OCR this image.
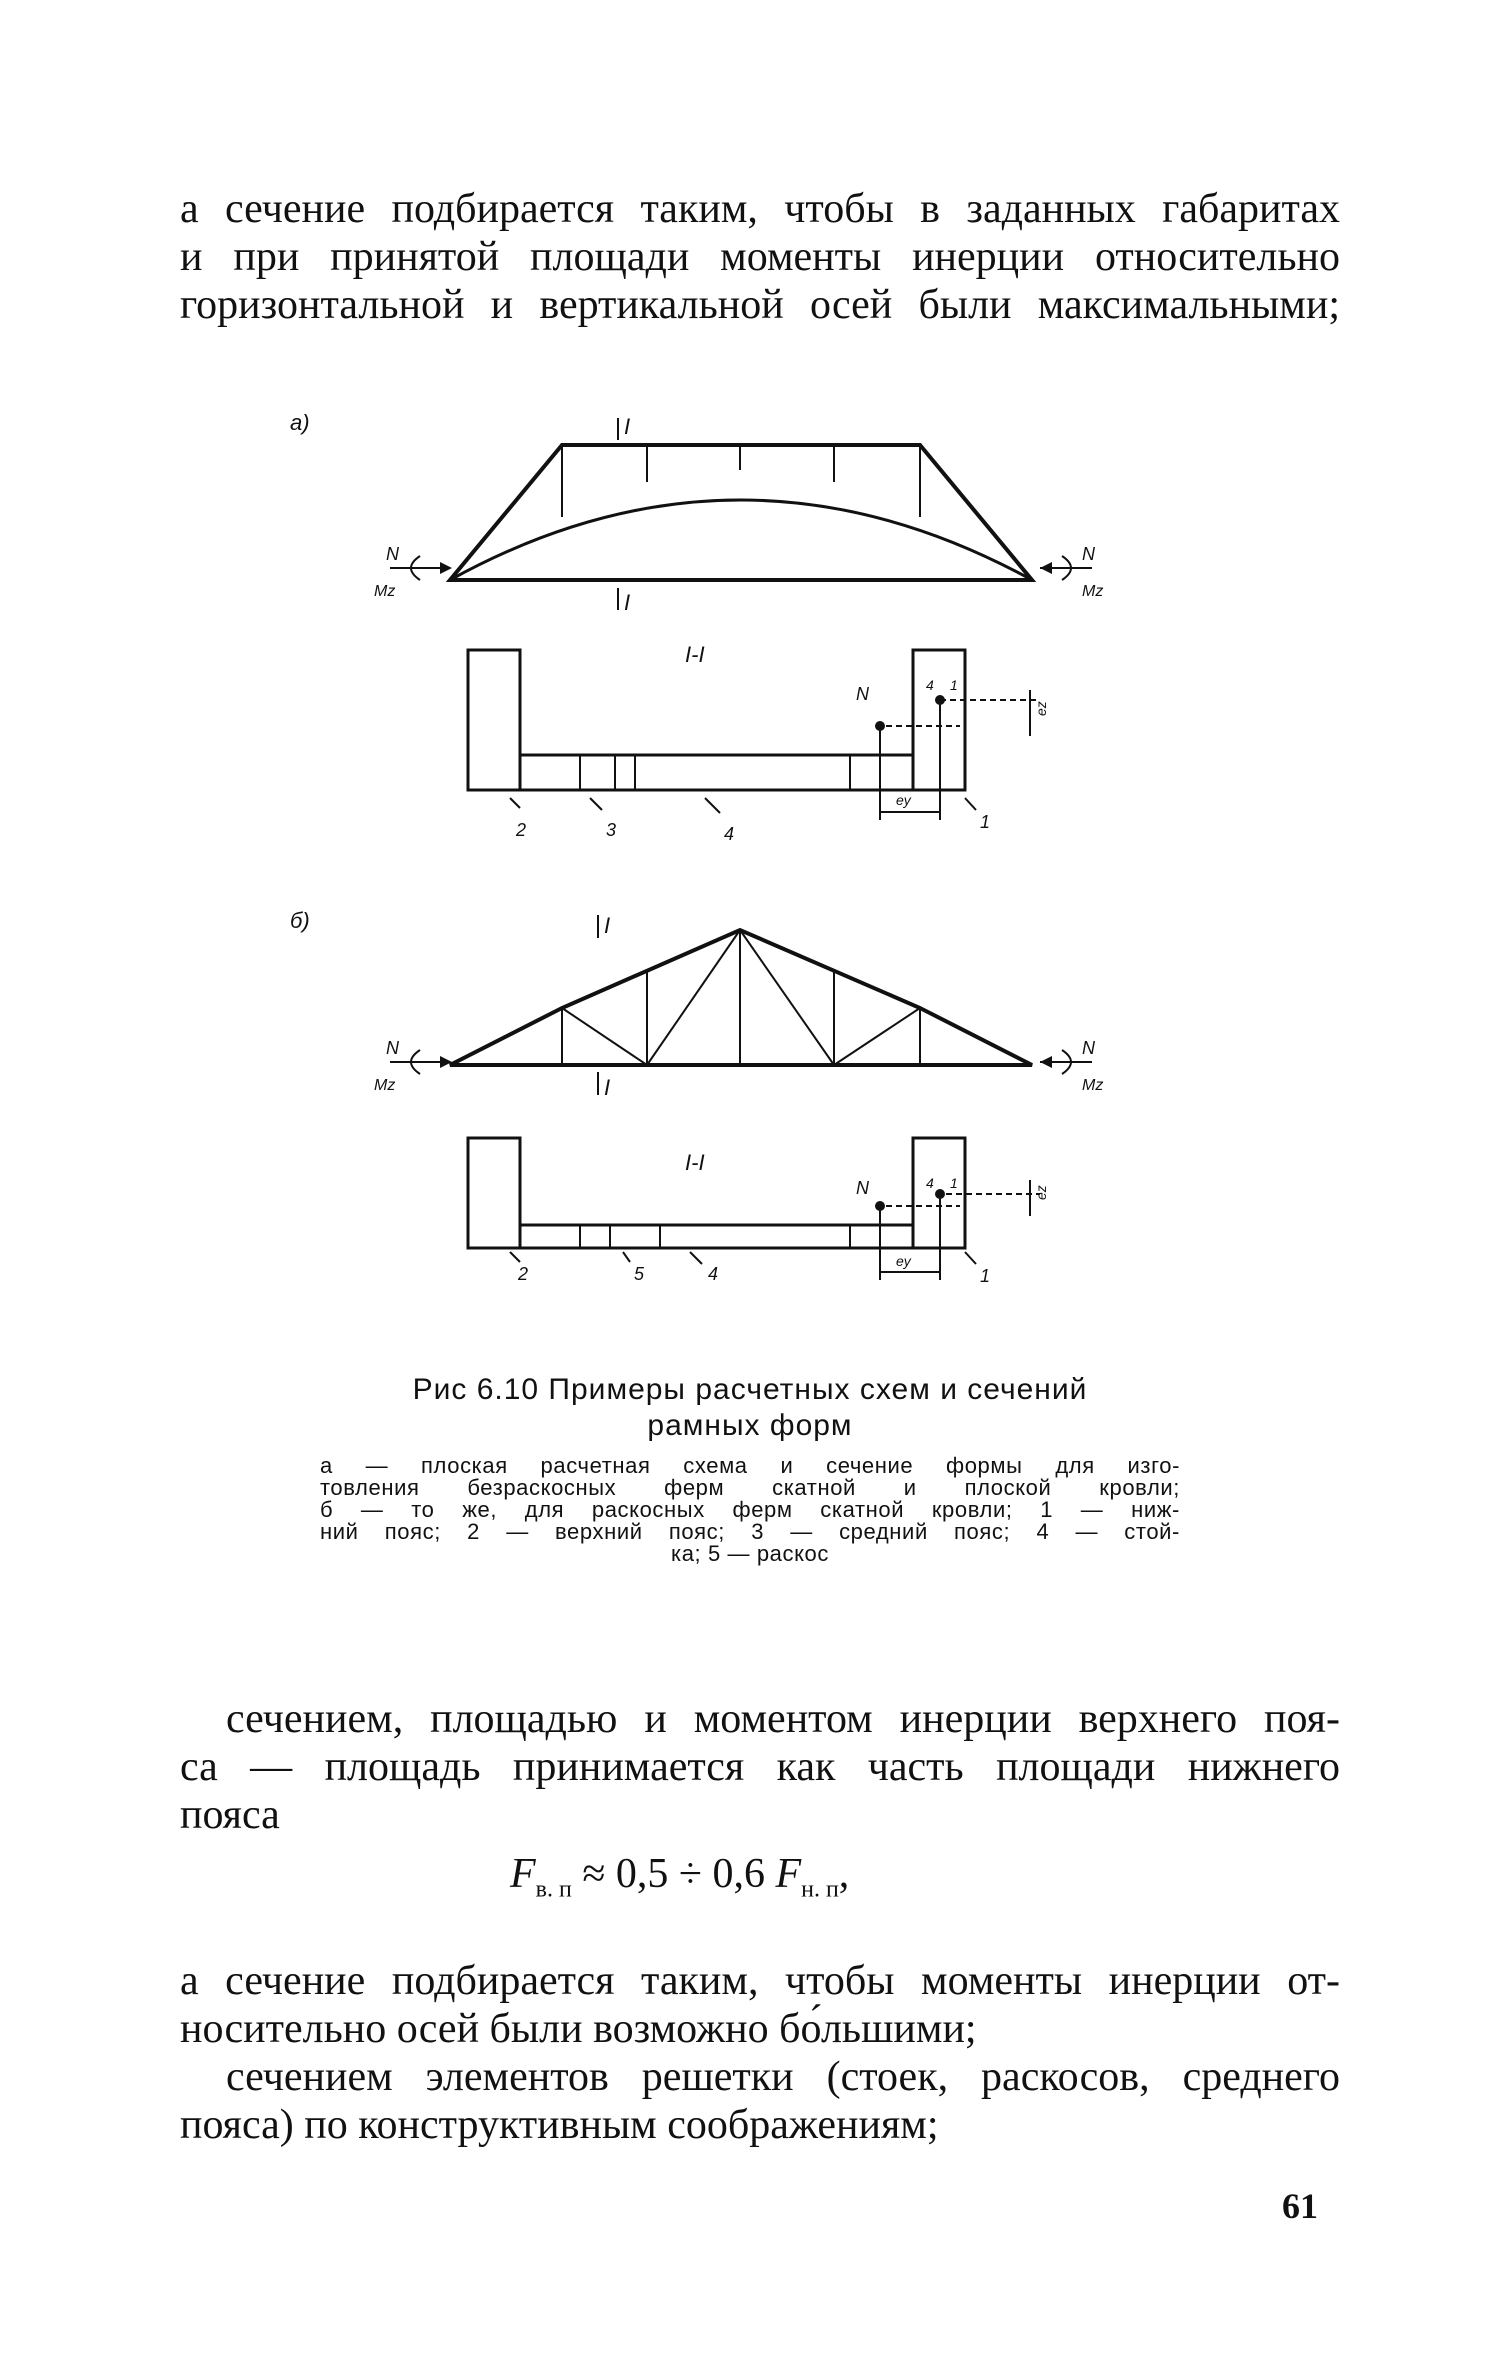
а сечение подбирается таким, чтобы в заданных габаритах
и при принятой площади моменты инерции относительно
горизонтальной и вертикальной осей были максимальными;
а)	I
I
N
Mz
N
Mz
I-I
N	4 1
ez
ey
2	3	4
1
б)	I
I
N
Mz
N
Mz
I-I
N	4 1
ez
ey
2	5	4	1
Рис 6.10 Примеры расчетных схем и сечений
рамных форм
а — плоская расчетная схема и сечение формы для изго-
товления безраскосных ферм скатной и плоской кровли;
б — то же, для раскосных ферм скатной кровли; 1 — ниж-
ний пояс; 2 — верхний пояс; 3 — средний пояс; 4 — стой-
ка; 5 — раскос
сечением, площадью и моментом инерции верхнего поя-
са — площадь принимается как часть площади нижнего
пояса
$F_{в. п} \approx 0,5 \div 0,6$ $F_{н. п}$,
а сечение подбирается таким, чтобы моменты инерции от-
носительно осей были возможно бо́льшими;
сечением элементов решетки (стоек, раскосов, среднего
пояса) по конструктивным соображениям;
61
